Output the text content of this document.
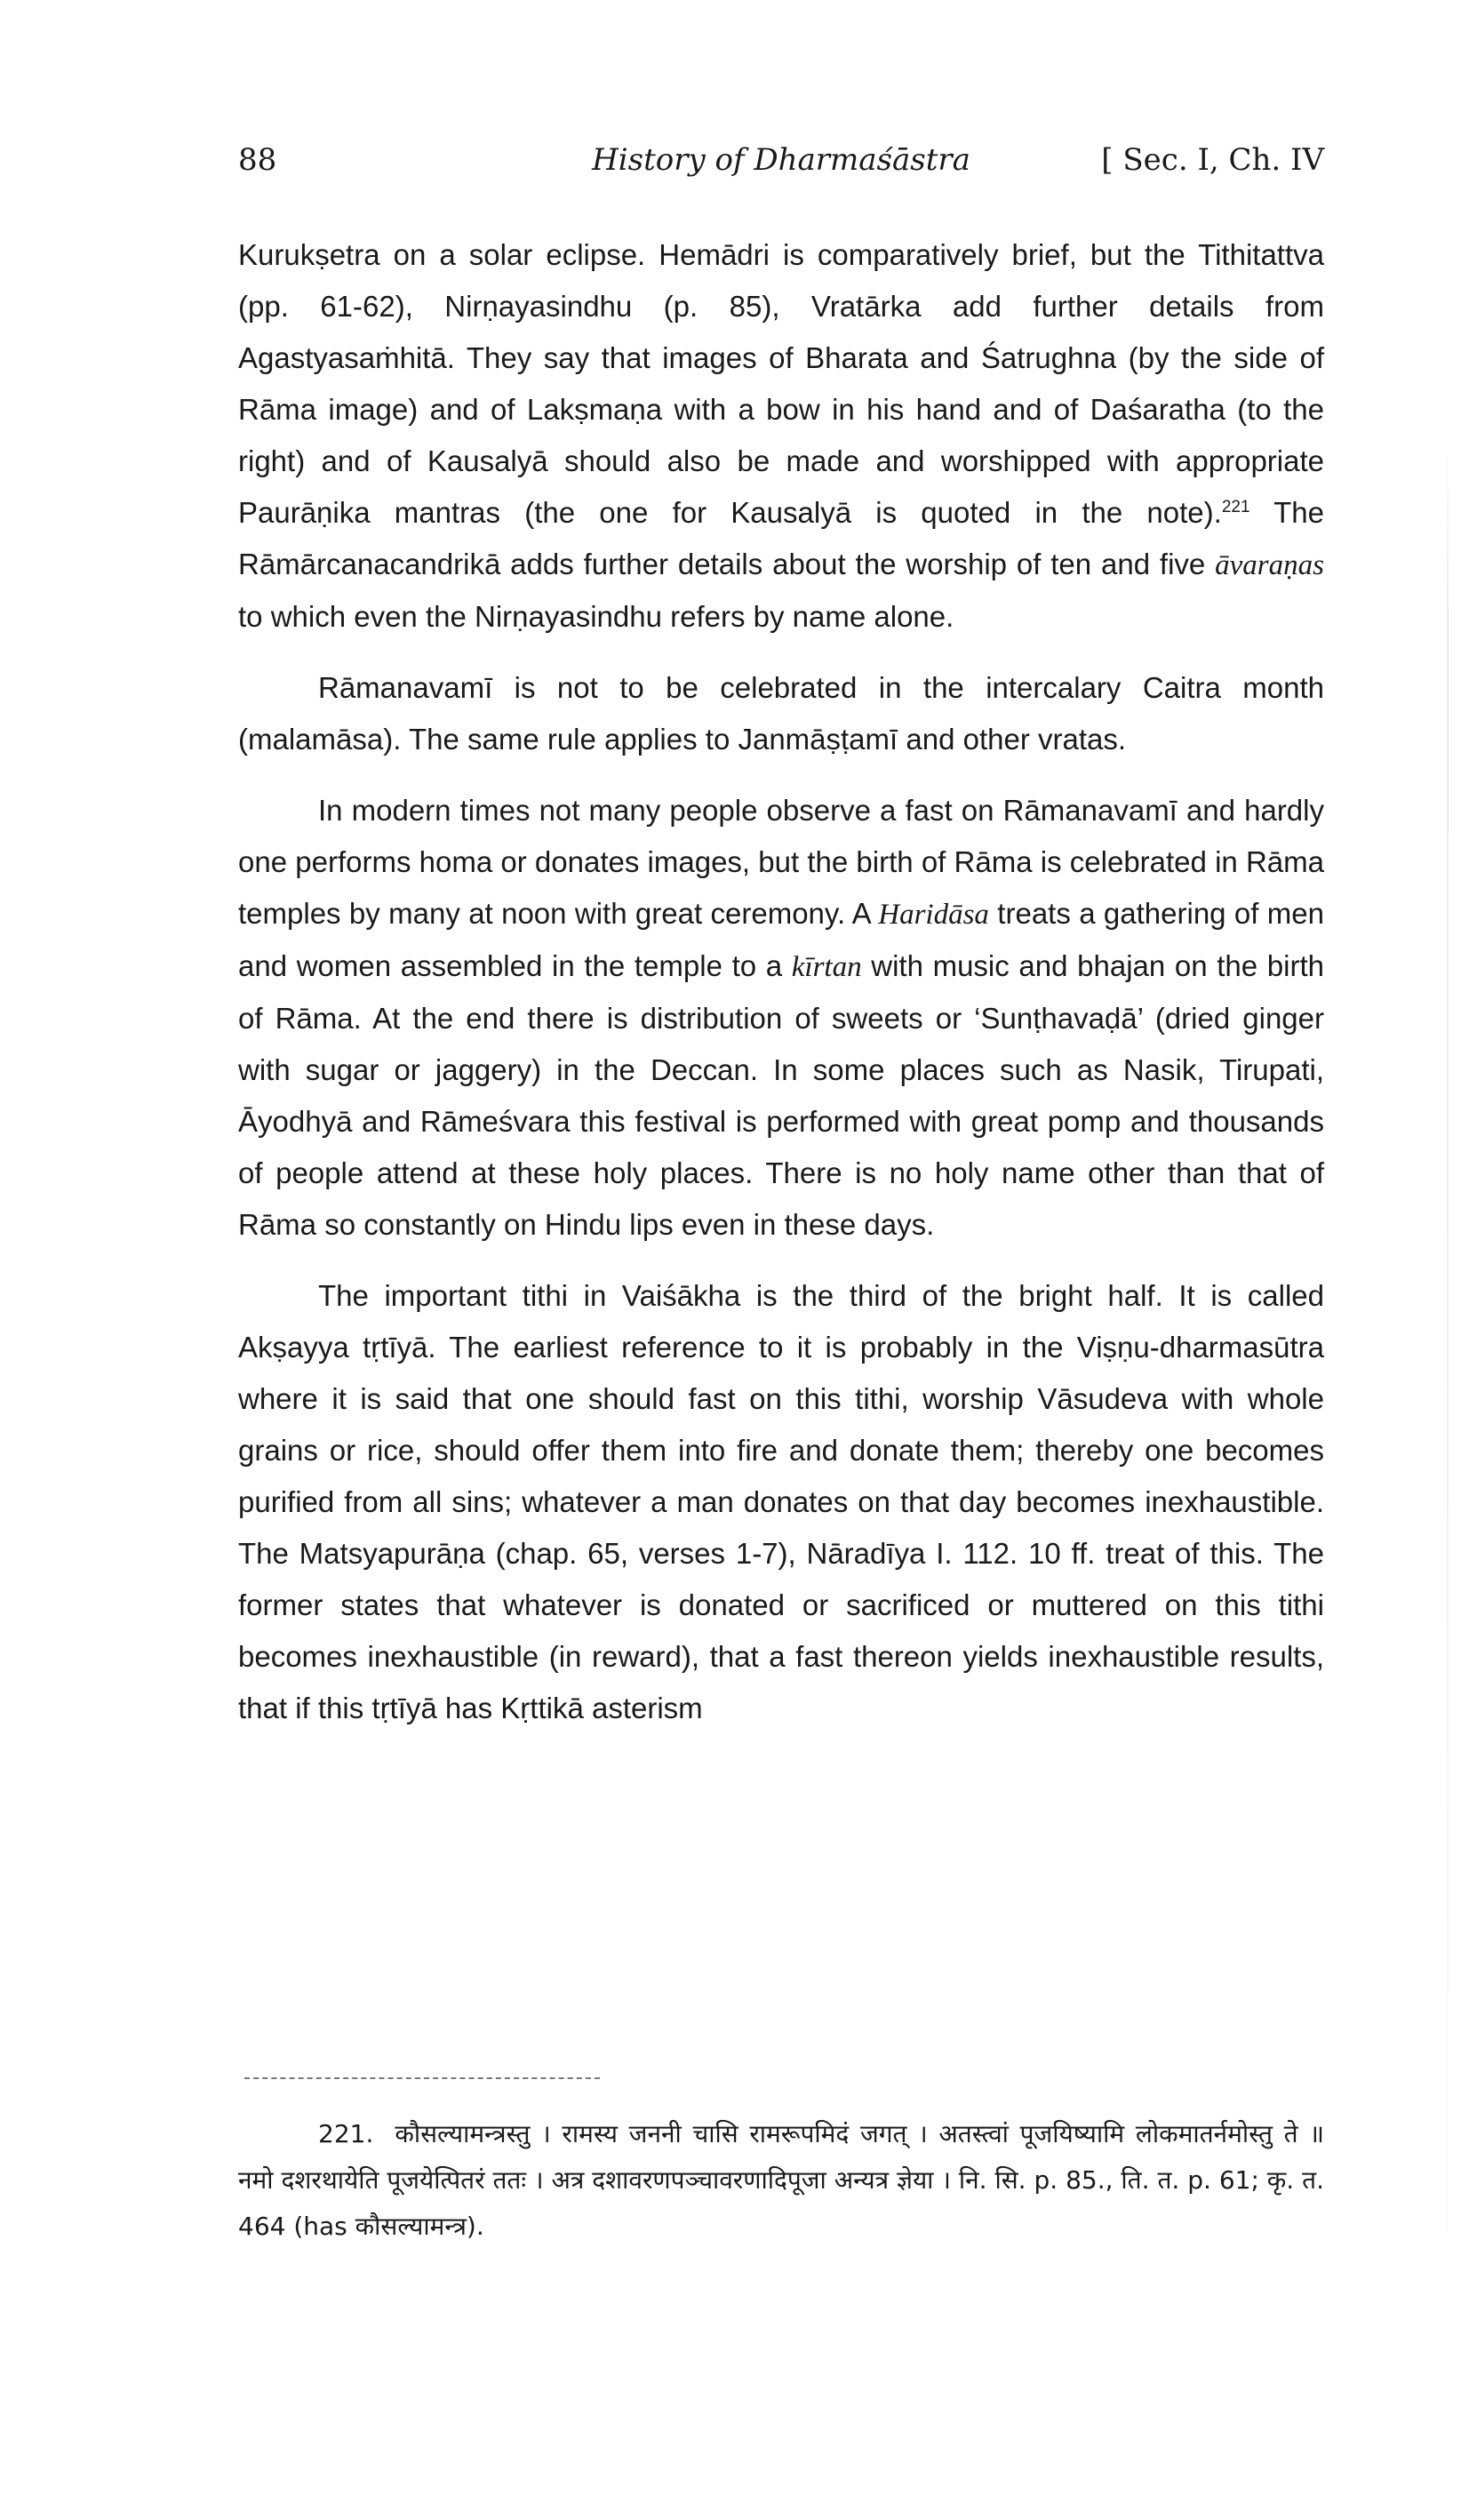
88	History of Dharmaśāstra	[ Sec. I, Ch. IV

Kurukṣetra on a solar eclipse. Hemādri is comparatively brief, but the Tithitattva (pp. 61-62), Nirṇayasindhu (p. 85), Vratārka add further details from Agastyasaṁhitā. They say that images of Bharata and Śatrughna (by the side of Rāma image) and of Lakṣmaṇa with a bow in his hand and of Daśaratha (to the right) and of Kausalyā should also be made and worshipped with appropriate Paurāṇika mantras (the one for Kausalyā is quoted in the note).$^{221}$ The Rāmārcanacandrikā adds further details about the worship of ten and five āvaraṇas to which even the Nirṇayasindhu refers by name alone.

Rāmanavamī is not to be celebrated in the intercalary Caitra month (malamāsa). The same rule applies to Janmāṣṭamī and other vratas.

In modern times not many people observe a fast on Rāmanavamī and hardly one performs homa or donates images, but the birth of Rāma is celebrated in Rāma temples by many at noon with great ceremony. A Haridāsa treats a gathering of men and women assembled in the temple to a kīrtan with music and bhajan on the birth of Rāma. At the end there is distribution of sweets or ‘Sunṭhavaḍā’ (dried ginger with sugar or jaggery) in the Deccan. In some places such as Nasik, Tirupati, Āyodhyā and Rāmeśvara this festival is performed with great pomp and thousands of people attend at these holy places. There is no holy name other than that of Rāma so constantly on Hindu lips even in these days.

The important tithi in Vaiśākha is the third of the bright half. It is called Akṣayya tṛtīyā. The earliest reference to it is probably in the Viṣṇu-dharmasūtra where it is said that one should fast on this tithi, worship Vāsudeva with whole grains or rice, should offer them into fire and donate them; thereby one becomes purified from all sins; whatever a man donates on that day becomes inexhaustible. The Matsyapurāṇa (chap. 65, verses 1-7), Nāradīya I. 112. 10 ff. treat of this. The former states that whatever is donated or sacrificed or muttered on this tithi becomes inexhaustible (in reward), that a fast thereon yields inexhaustible results, that if this tṛtīyā has Kṛttikā asterism

221. कौसल्यामन्त्रस्तु । रामस्य जननी चासि रामरूपमिदं जगत् । अतस्त्वां पूजयिष्यामि लोकमातर्नमोस्तु ते ॥ नमो दशरथायेति पूजयेत्पितरं ततः । अत्र दशावरणपञ्चावरणादिपूजा अन्यत्र ज्ञेया । नि. सि. p. 85., ति. त. p. 61; कृ. त. 464 (has कौसल्यामन्त्र).
